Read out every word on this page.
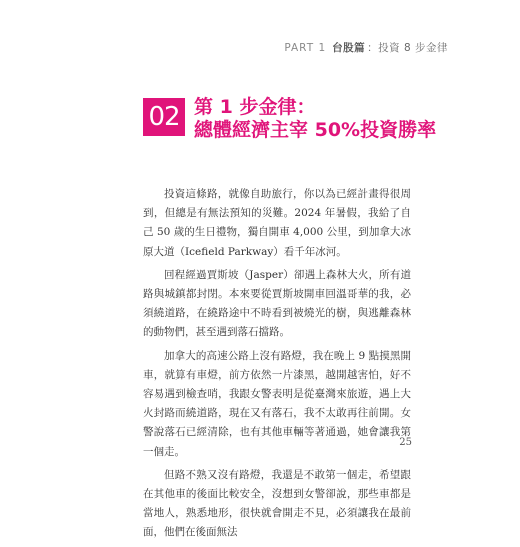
PART 1 台股篇 ：投資 8 步金律
02 第 1 步金律：
總體經濟主宰 50%投資勝率

投資這條路，就像自助旅行，你以為已經計畫得很周到，但總是有無法預知的災難。2024 年暑假，我給了自己 50 歲的生日禮物，獨自開車 4,000 公里，到加拿大冰原大道（Icefield Parkway）看千年冰河。

回程經過賈斯坡（Jasper）卻遇上森林大火，所有道路與城鎮都封閉。本來要從賈斯坡開車回溫哥華的我，必須繞道路，在繞路途中不時看到被燒光的樹，與逃離森林的動物們，甚至遇到落石擋路。

加拿大的高速公路上沒有路燈，我在晚上 9 點摸黑開車，就算有車燈，前方依然一片漆黑，越開越害怕，好不容易遇到檢查哨，我跟女警表明是從臺灣來旅遊，遇上大火封路而繞道路，現在又有落石，我不太敢再往前開。女警說落石已經清除，也有其他車輛等著通過，她會讓我第一個走。

但路不熟又沒有路燈，我還是不敢第一個走，希望跟在其他車的後面比較安全，沒想到女警卻說，那些車都是當地人，熟悉地形，很快就會開走不見，必須讓我在最前面，他們在後面無法

25
